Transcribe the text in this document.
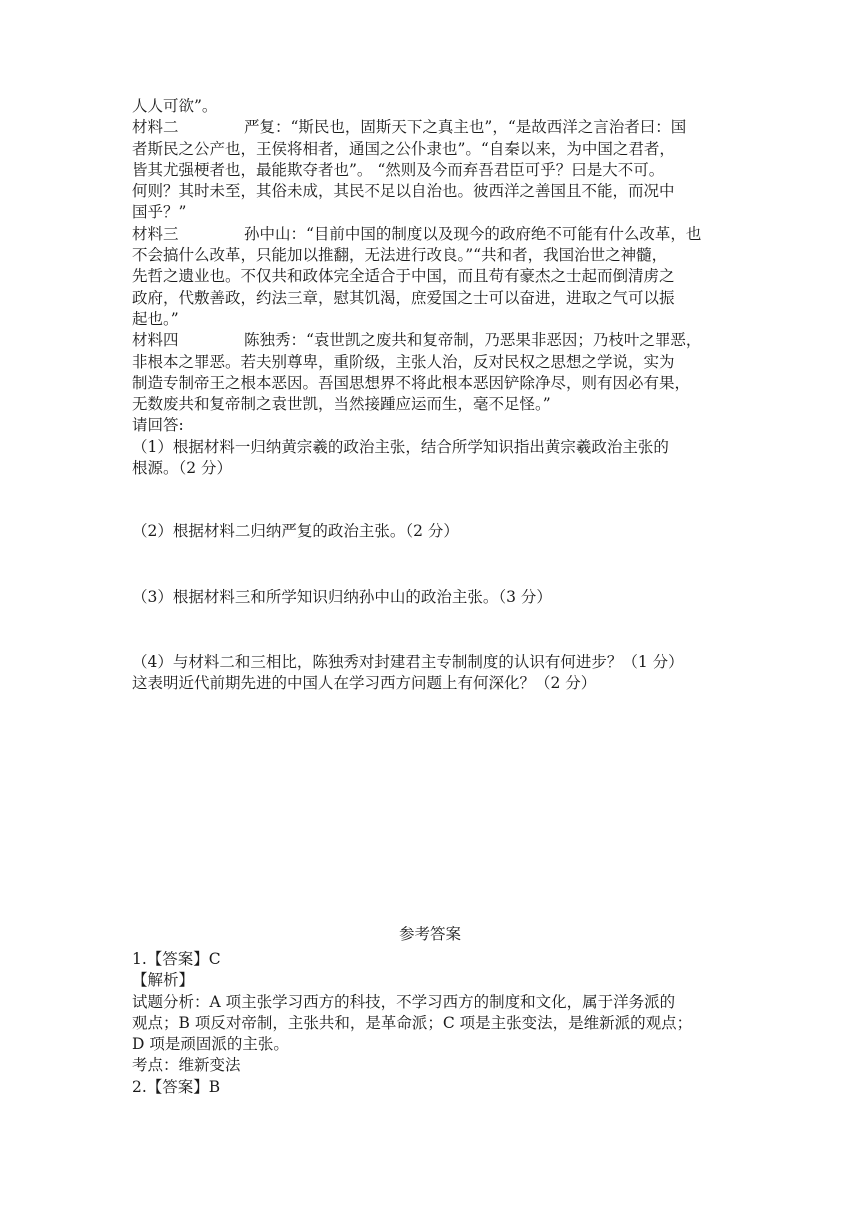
人人可欲”。
材料二	严复：“斯民也，固斯天下之真主也”，“是故西洋之言治者曰：国
者斯民之公产也，王侯将相者，通国之公仆隶也”。“自秦以来，为中国之君者，
皆其尤强梗者也，最能欺夺者也”。 “然则及今而弃吾君臣可乎？曰是大不可。
何则？其时未至，其俗未成，其民不足以自治也。彼西洋之善国且不能，而况中
国乎？”
材料三	孙中山：“目前中国的制度以及现今的政府绝不可能有什么改革，也
不会搞什么改革，只能加以推翻，无法进行改良。”“共和者，我国治世之神髓，
先哲之遗业也。不仅共和政体完全适合于中国，而且苟有豪杰之士起而倒清虏之
政府，代敷善政，约法三章，慰其饥渴，庶爱国之士可以奋进，进取之气可以振
起也。”
材料四	陈独秀：“袁世凯之废共和复帝制，乃恶果非恶因；乃枝叶之罪恶，
非根本之罪恶。若夫别尊卑，重阶级，主张人治，反对民权之思想之学说，实为
制造专制帝王之根本恶因。吾国思想界不将此根本恶因铲除净尽，则有因必有果，
无数废共和复帝制之袁世凯，当然接踵应运而生，毫不足怪。”
请回答:
（1）根据材料一归纳黄宗羲的政治主张，结合所学知识指出黄宗羲政治主张的
根源。（2 分）
（2）根据材料二归纳严复的政治主张。（2 分）
（3）根据材料三和所学知识归纳孙中山的政治主张。（3 分）
（4）与材料二和三相比，陈独秀对封建君主专制制度的认识有何进步？（1 分）
这表明近代前期先进的中国人在学习西方问题上有何深化？（2 分）
参考答案
1.【答案】C
【解析】
试题分析：A 项主张学习西方的科技，不学习西方的制度和文化，属于洋务派的
观点；B 项反对帝制，主张共和，是革命派；C 项是主张变法，是维新派的观点；
D 项是顽固派的主张。
考点：维新变法
2.【答案】B
